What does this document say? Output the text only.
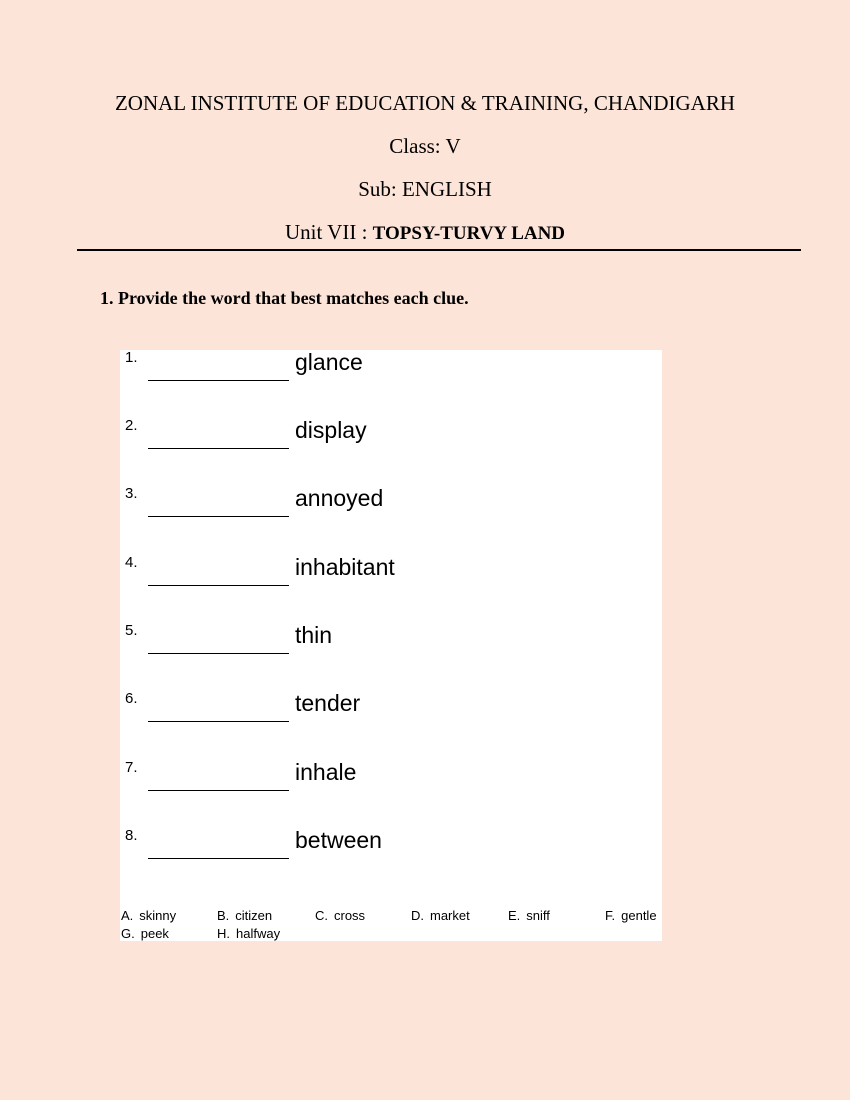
ZONAL INSTITUTE OF EDUCATION & TRAINING, CHANDIGARH
Class: V
Sub: ENGLISH
Unit VII : TOPSY-TURVY LAND
1. Provide the word that best matches each clue.
1.	glance
2.	display
3.	annoyed
4.	inhabitant
5.	thin
6.	tender
7.	inhale
8.	between
A. skinny	B. citizen	C. cross	D. market	E. sniff	F. gentle
G. peek	H. halfway
